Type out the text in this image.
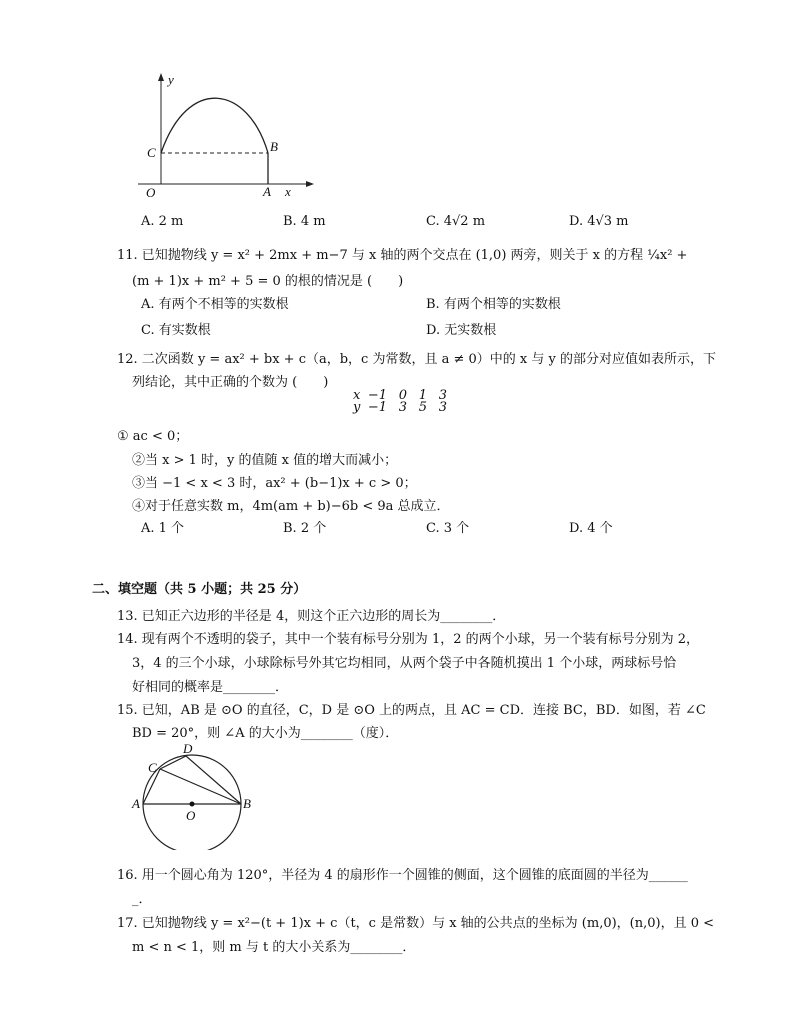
y
x
O
C	B
A
A. 2 m	B. 4 m	C. 4√2 m	D. 4√3 m
11. 已知抛物线 y = x² + 2mx + m−7 与 x 轴的两个交点在 (1,0) 两旁，则关于 x 的方程 ¼x² +
(m + 1)x + m² + 5 = 0 的根的情况是 (　　)
A. 有两个不相等的实数根	B. 有两个相等的实数根
C. 有实数根	D. 无实数根
12. 二次函数 y = ax² + bx + c（a，b，c 为常数，且 a ≠ 0）中的 x 与 y 的部分对应值如表所示，下
列结论，其中正确的个数为 (　　)
x −1 0 1 3
y −1 3 5 3
① ac < 0；
②当 x > 1 时，y 的值随 x 值的增大而减小；
③当 −1 < x < 3 时，ax² + (b−1)x + c > 0；
④对于任意实数 m，4m(am + b)−6b < 9a 总成立．
A. 1 个	B. 2 个	C. 3 个	D. 4 个
二、填空题（共 5 小题；共 25 分）
13. 已知正六边形的半径是 4，则这个正六边形的周长为________．
14. 现有两个不透明的袋子，其中一个装有标号分别为 1，2 的两个小球，另一个装有标号分别为 2，
3，4 的三个小球，小球除标号外其它均相同，从两个袋子中各随机摸出 1 个小球，两球标号恰
好相同的概率是________．
15. 已知，AB 是 ⊙O 的直径，C，D 是 ⊙O 上的两点，且 AC = CD．连接 BC，BD．如图，若 ∠C
BD = 20°，则 ∠A 的大小为________（度）．
D
C
A	B
O
16. 用一个圆心角为 120°，半径为 4 的扇形作一个圆锥的侧面，这个圆锥的底面圆的半径为______
_．
17. 已知抛物线 y = x²−(t + 1)x + c（t，c 是常数）与 x 轴的公共点的坐标为 (m,0)，(n,0)，且 0 <
m < n < 1，则 m 与 t 的大小关系为________．
